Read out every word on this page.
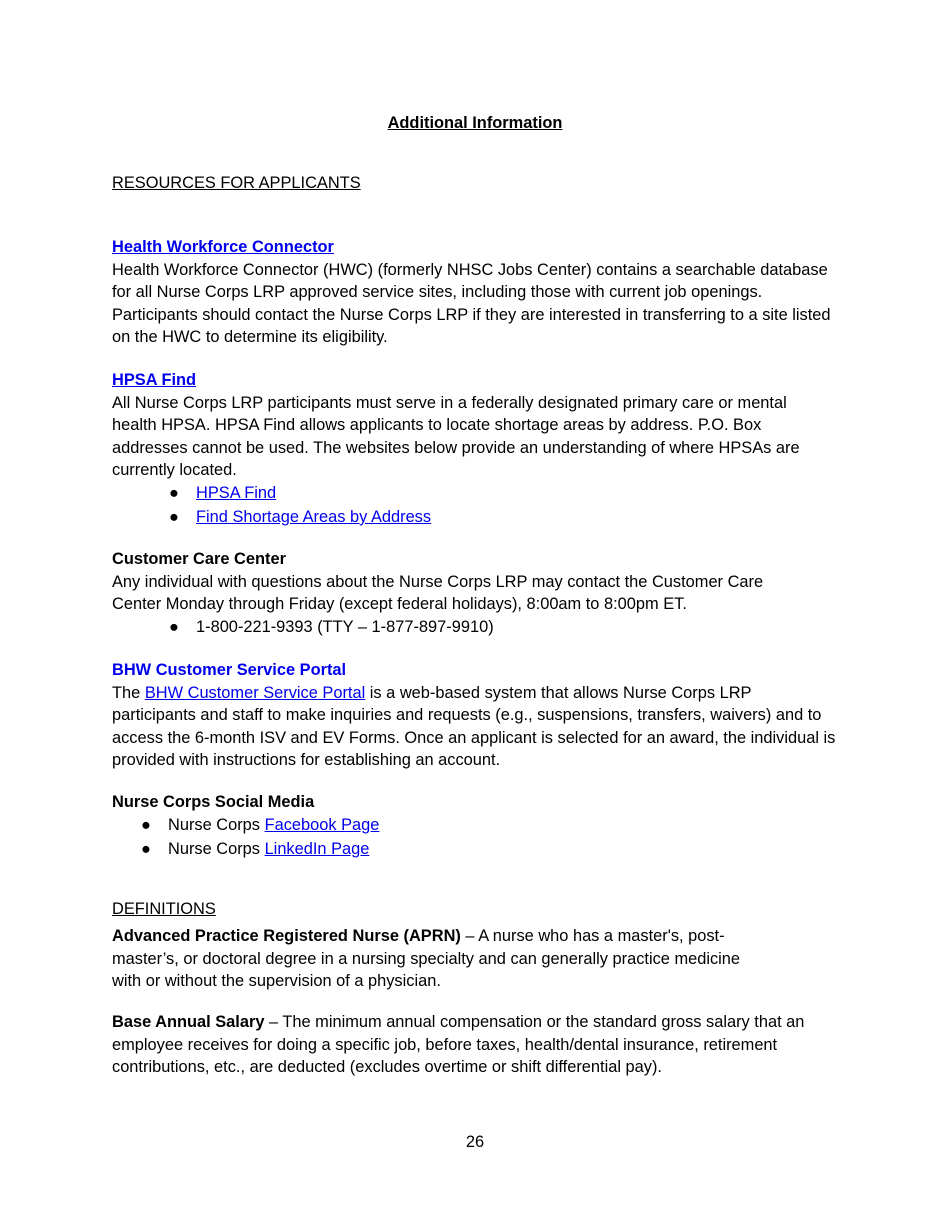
Additional Information
RESOURCES FOR APPLICANTS
Health Workforce Connector

Health Workforce Connector (HWC) (formerly NHSC Jobs Center) contains a searchable database for all Nurse Corps LRP approved service sites, including those with current job openings. Participants should contact the Nurse Corps LRP if they are interested in transferring to a site listed on the HWC to determine its eligibility.

HPSA Find

All Nurse Corps LRP participants must serve in a federally designated primary care or mental health HPSA. HPSA Find allows applicants to locate shortage areas by address. P.O. Box addresses cannot be used. The websites below provide an understanding of where HPSAs are currently located.

● HPSA Find
● Find Shortage Areas by Address
Customer Care Center

Any individual with questions about the Nurse Corps LRP may contact the Customer Care Center Monday through Friday (except federal holidays), 8:00am to 8:00pm ET.

● 1-800-221-9393 (TTY – 1-877-897-9910)
BHW Customer Service Portal

The BHW Customer Service Portal is a web-based system that allows Nurse Corps LRP participants and staff to make inquiries and requests (e.g., suspensions, transfers, waivers) and to access the 6-month ISV and EV Forms. Once an applicant is selected for an award, the individual is provided with instructions for establishing an account.

Nurse Corps Social Media
● Nurse Corps Facebook Page
● Nurse Corps LinkedIn Page
DEFINITIONS

Advanced Practice Registered Nurse (APRN) – A nurse who has a master's, post-master’s, or doctoral degree in a nursing specialty and can generally practice medicine with or without the supervision of a physician.

Base Annual Salary – The minimum annual compensation or the standard gross salary that an employee receives for doing a specific job, before taxes, health/dental insurance, retirement contributions, etc., are deducted (excludes overtime or shift differential pay).

26
